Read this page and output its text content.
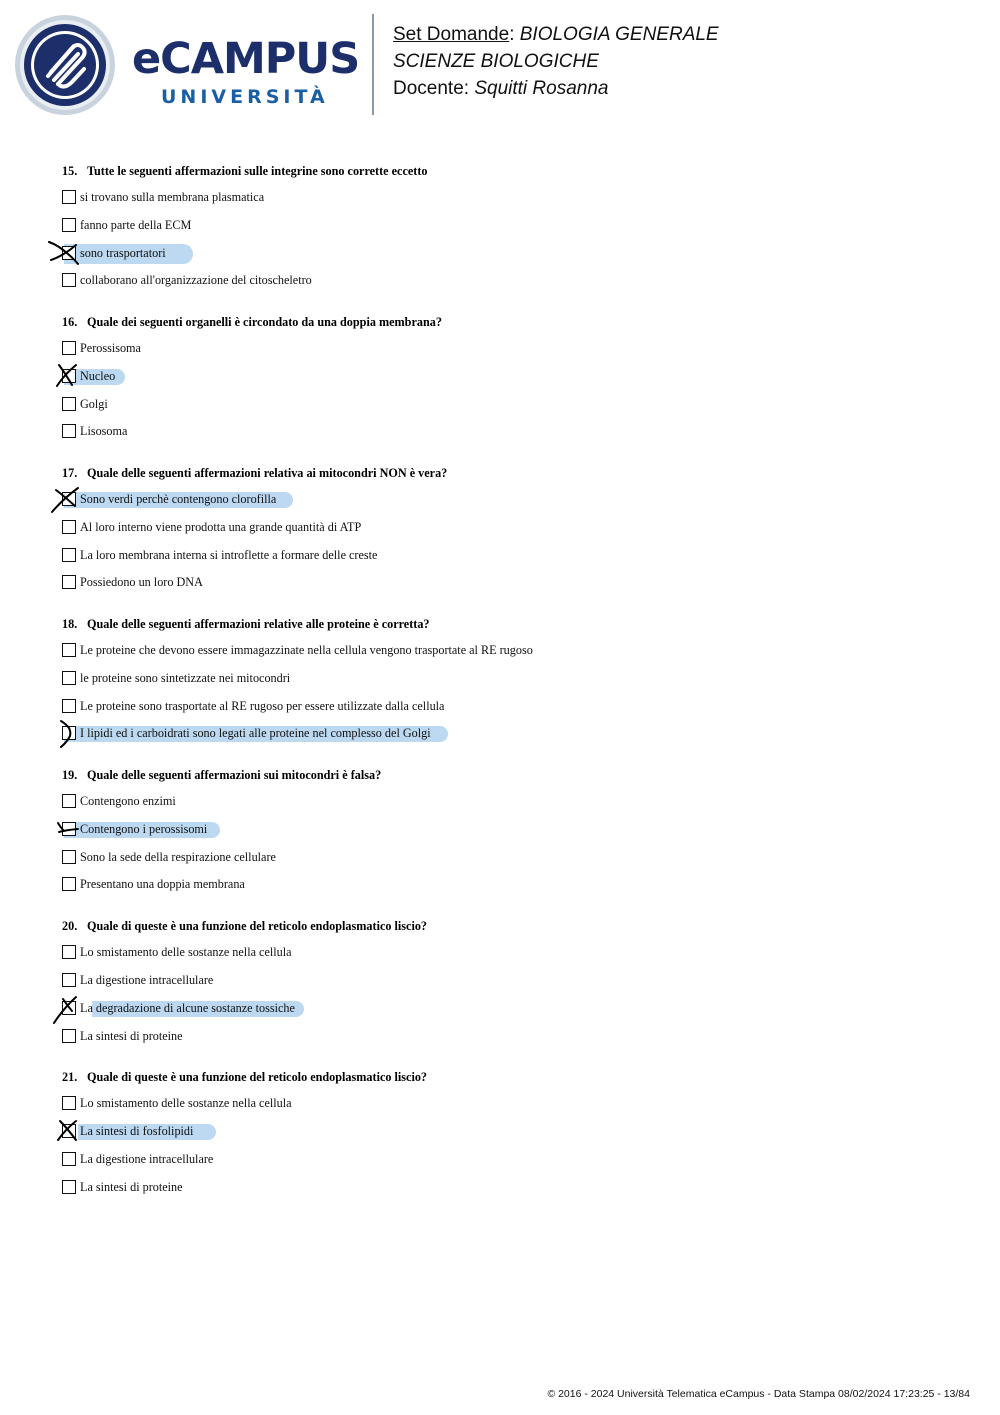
eCAMPUS
UNIVERSITÀ
Set Domande: BIOLOGIA GENERALE
SCIENZE BIOLOGICHE
Docente: Squitti Rosanna
15. Tutte le seguenti affermazioni sulle integrine sono corrette eccetto
si trovano sulla membrana plasmatica
fanno parte della ECM
sono trasportatori
collaborano all'organizzazione del citoscheletro
16. Quale dei seguenti organelli è circondato da una doppia membrana?
Perossisoma
Nucleo
Golgi
Lisosoma
17. Quale delle seguenti affermazioni relativa ai mitocondri NON è vera?
Sono verdi perchè contengono clorofilla
Al loro interno viene prodotta una grande quantità di ATP
La loro membrana interna si introflette a formare delle creste
Possiedono un loro DNA
18. Quale delle seguenti affermazioni relative alle proteine è corretta?
Le proteine che devono essere immagazzinate nella cellula vengono trasportate al RE rugoso
le proteine sono sintetizzate nei mitocondri
Le proteine sono trasportate al RE rugoso per essere utilizzate dalla cellula
I lipidi ed i carboidrati sono legati alle proteine nel complesso del Golgi
19. Quale delle seguenti affermazioni sui mitocondri è falsa?
Contengono enzimi
Contengono i perossisomi
Sono la sede della respirazione cellulare
Presentano una doppia membrana
20. Quale di queste è una funzione del reticolo endoplasmatico liscio?
Lo smistamento delle sostanze nella cellula
La digestione intracellulare
La degradazione di alcune sostanze tossiche
La sintesi di proteine
21. Quale di queste è una funzione del reticolo endoplasmatico liscio?
Lo smistamento delle sostanze nella cellula
La sintesi di fosfolipidi
La digestione intracellulare
La sintesi di proteine
© 2016 - 2024 Università Telematica eCampus - Data Stampa 08/02/2024 17:23:25 - 13/84
